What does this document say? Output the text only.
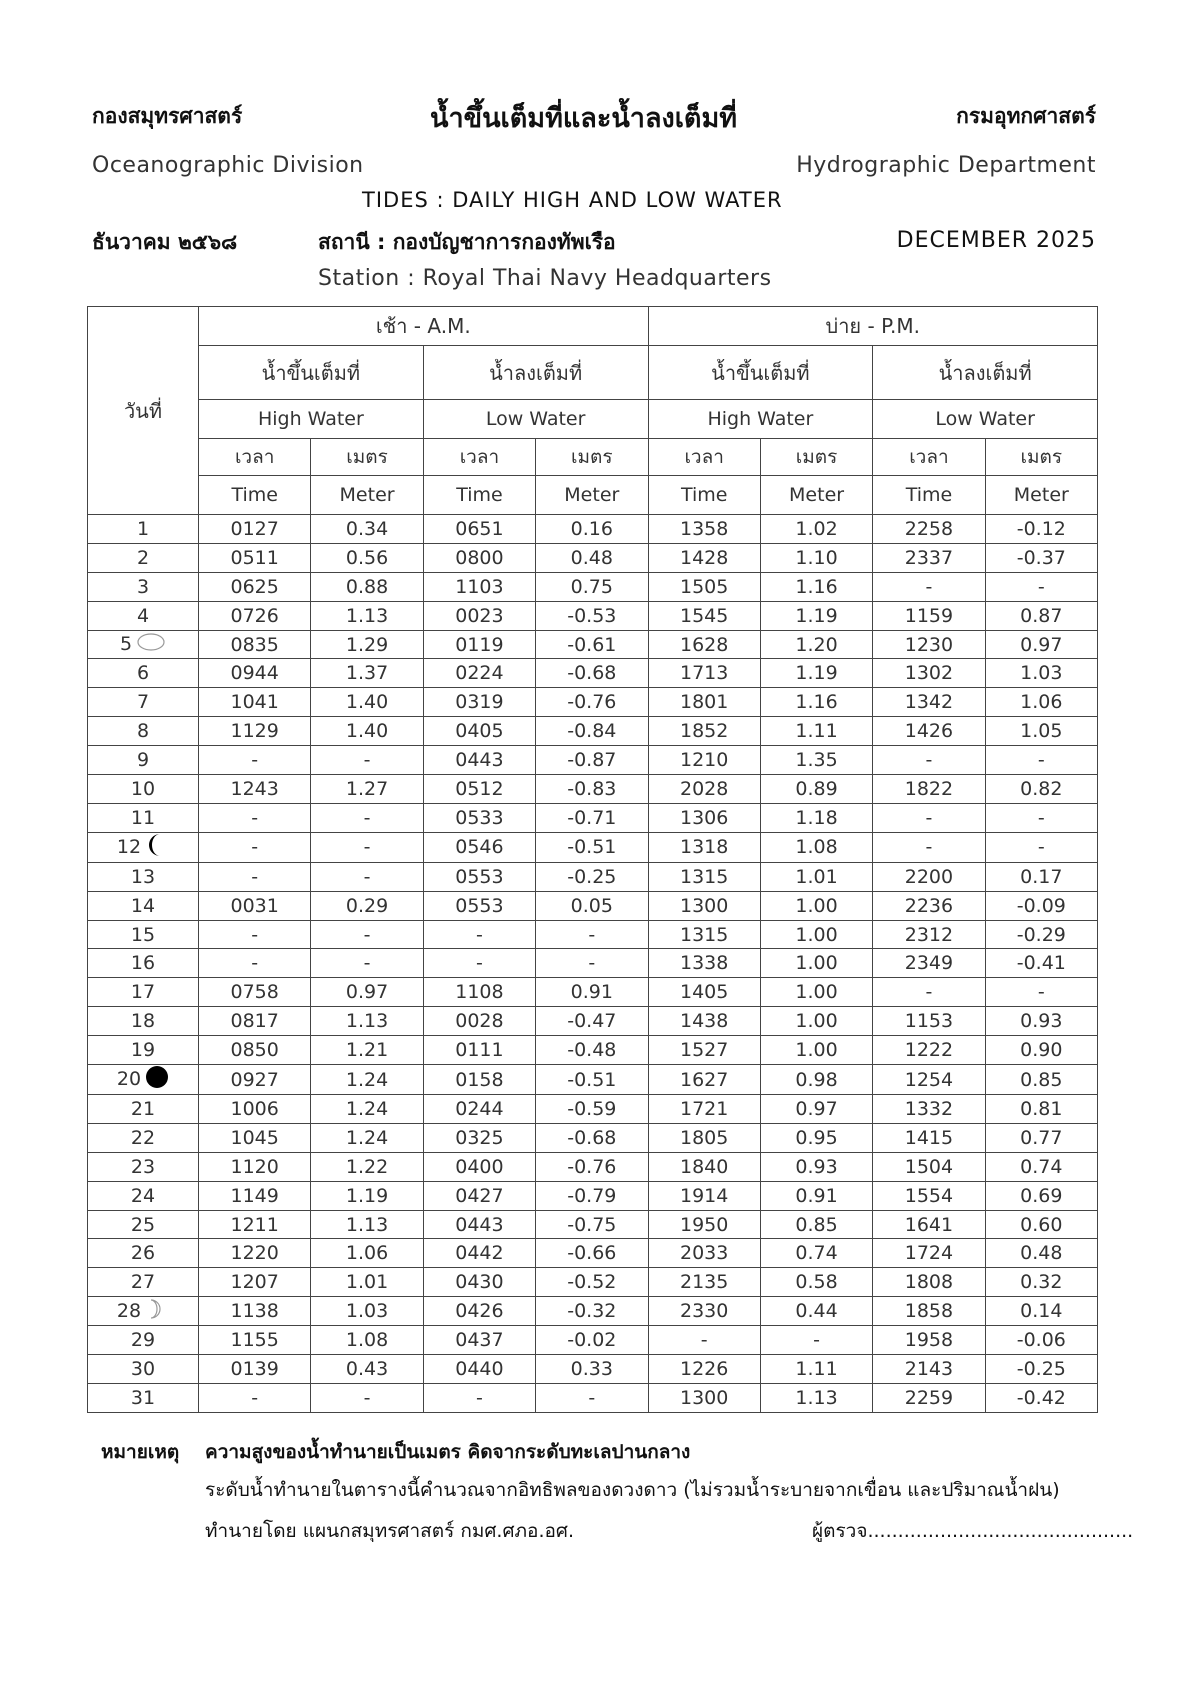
กองสมุทรศาสตร์	น้ำขึ้นเต็มที่และน้ำลงเต็มที่	กรมอุทกศาสตร์
Oceanographic Division	Hydrographic Department
TIDES : DAILY HIGH AND LOW WATER
ธันวาคม ๒๕๖๘	สถานี : กองบัญชาการกองทัพเรือ	DECEMBER 2025
Station : Royal Thai Navy Headquarters
วันที่	เช้า - A.M.				บ่าย - P.M.			
	น้ำขึ้นเต็มที่		น้ำลงเต็มที่		น้ำขึ้นเต็มที่		น้ำลงเต็มที่	
	High Water		Low Water		High Water		Low Water	
	เวลา	เมตร	เวลา	เมตร	เวลา	เมตร	เวลา	เมตร
	Time	Meter	Time	Meter	Time	Meter	Time	Meter
1	0127	0.34	0651	0.16	1358	1.02	2258	-0.12
2	0511	0.56	0800	0.48	1428	1.10	2337	-0.37
3	0625	0.88	1103	0.75	1505	1.16	-	-
4	0726	1.13	0023	-0.53	1545	1.19	1159	0.87
5	0835	1.29	0119	-0.61	1628	1.20	1230	0.97
6	0944	1.37	0224	-0.68	1713	1.19	1302	1.03
7	1041	1.40	0319	-0.76	1801	1.16	1342	1.06
8	1129	1.40	0405	-0.84	1852	1.11	1426	1.05
9	-	-	0443	-0.87	1210	1.35	-	-
10	1243	1.27	0512	-0.83	2028	0.89	1822	0.82
11	-	-	0533	-0.71	1306	1.18	-	-
12	-	-	0546	-0.51	1318	1.08	-	-
13	-	-	0553	-0.25	1315	1.01	2200	0.17
14	0031	0.29	0553	0.05	1300	1.00	2236	-0.09
15	-	-	-	-	1315	1.00	2312	-0.29
16	-	-	-	-	1338	1.00	2349	-0.41
17	0758	0.97	1108	0.91	1405	1.00	-	-
18	0817	1.13	0028	-0.47	1438	1.00	1153	0.93
19	0850	1.21	0111	-0.48	1527	1.00	1222	0.90
20	0927	1.24	0158	-0.51	1627	0.98	1254	0.85
21	1006	1.24	0244	-0.59	1721	0.97	1332	0.81
22	1045	1.24	0325	-0.68	1805	0.95	1415	0.77
23	1120	1.22	0400	-0.76	1840	0.93	1504	0.74
24	1149	1.19	0427	-0.79	1914	0.91	1554	0.69
25	1211	1.13	0443	-0.75	1950	0.85	1641	0.60
26	1220	1.06	0442	-0.66	2033	0.74	1724	0.48
27	1207	1.01	0430	-0.52	2135	0.58	1808	0.32
28	1138	1.03	0426	-0.32	2330	0.44	1858	0.14
29	1155	1.08	0437	-0.02	-	-	1958	-0.06
30	0139	0.43	0440	0.33	1226	1.11	2143	-0.25
31	-	-	-	-	1300	1.13	2259	-0.42
หมายเหตุ ความสูงของน้ำทำนายเป็นเมตร คิดจากระดับทะเลปานกลาง
ระดับน้ำทำนายในตารางนี้คำนวณจากอิทธิพลของดวงดาว (ไม่รวมน้ำระบายจากเขื่อน และปริมาณน้ำฝน)
ทำนายโดย แผนกสมุทรศาสตร์ กมศ.ศภอ.อศ.	ผู้ตรวจ............................................
